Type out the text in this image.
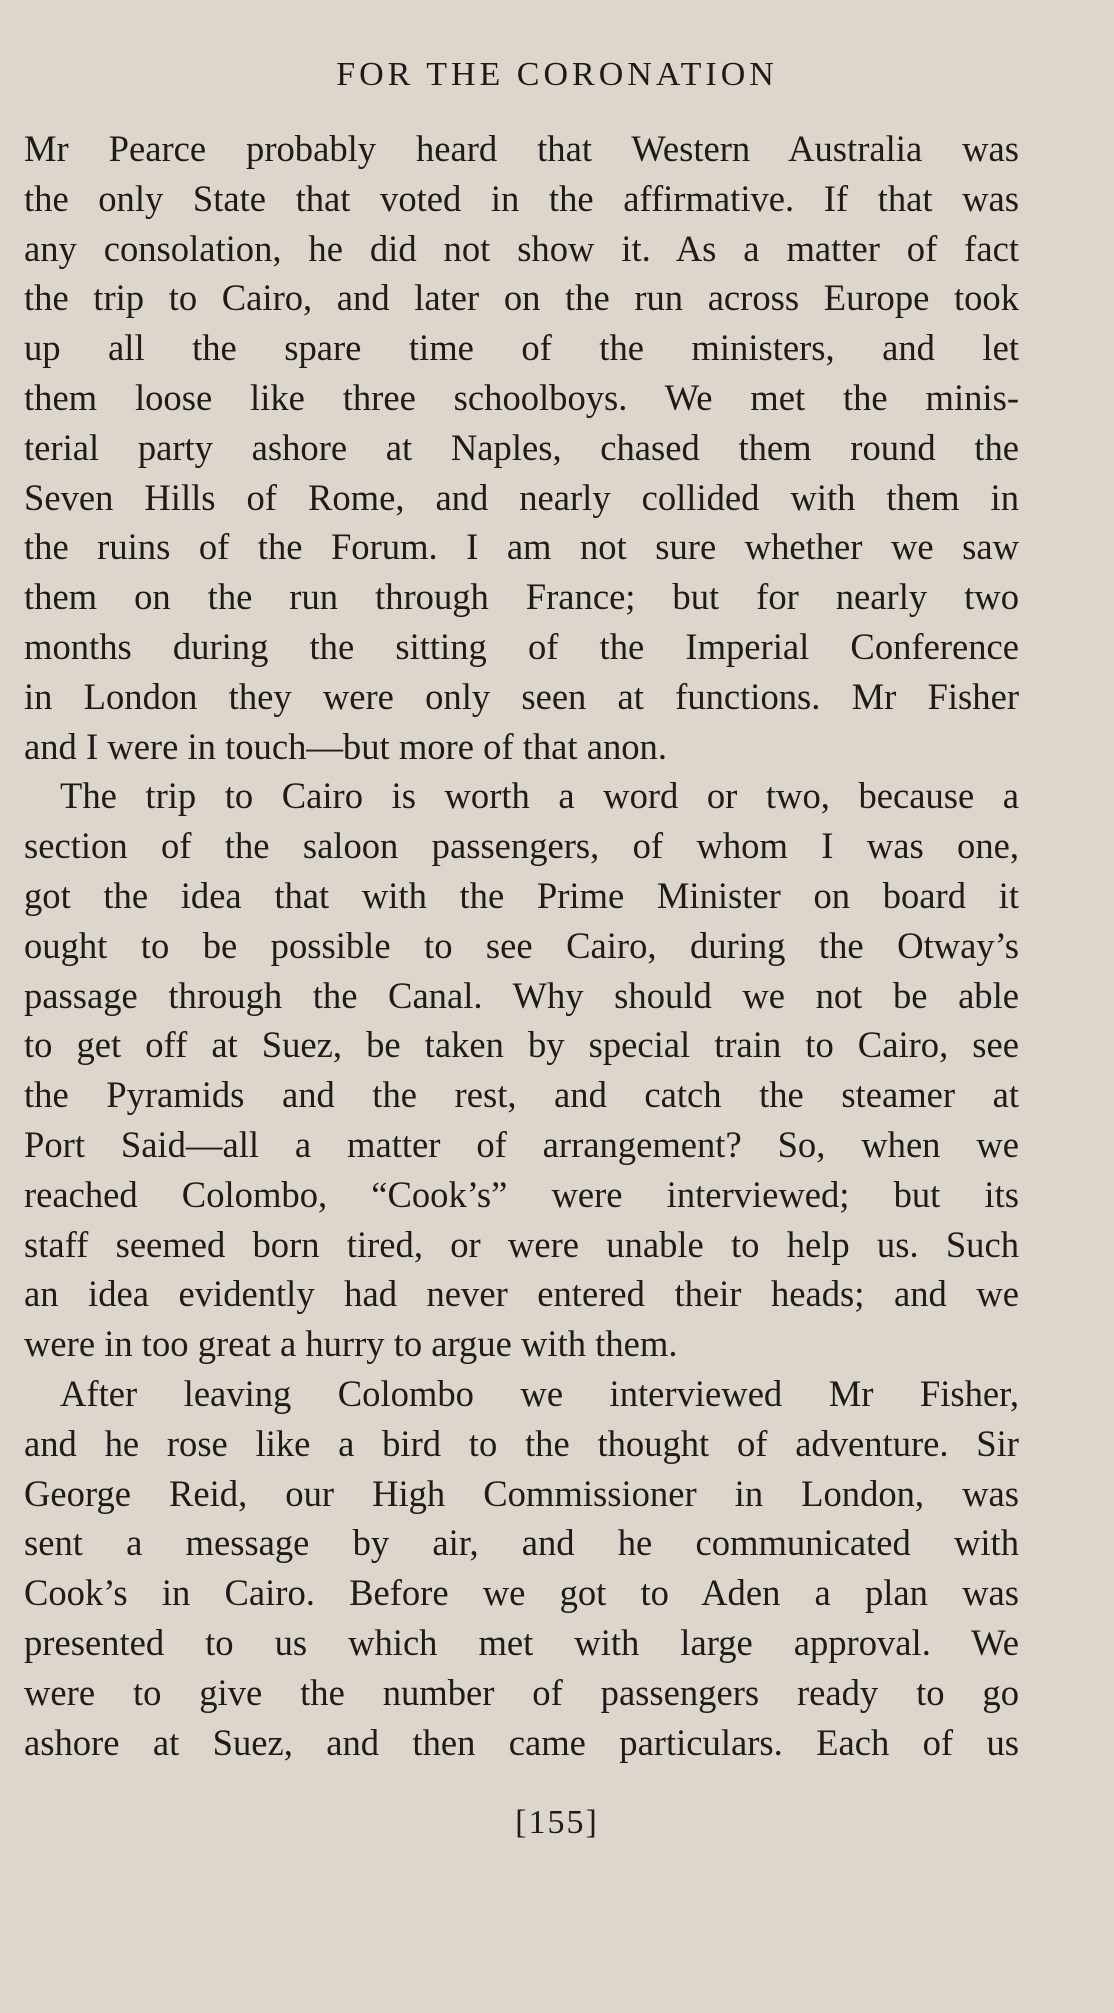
FOR THE CORONATION
Mr Pearce probably heard that Western Australia was
the only State that voted in the affirmative. If that was
any consolation, he did not show it. As a matter of fact
the trip to Cairo, and later on the run across Europe took
up all the spare time of the ministers, and let
them loose like three schoolboys. We met the minis-
terial party ashore at Naples, chased them round the
Seven Hills of Rome, and nearly collided with them in
the ruins of the Forum. I am not sure whether we saw
them on the run through France; but for nearly two
months during the sitting of the Imperial Conference
in London they were only seen at functions. Mr Fisher
and I were in touch—but more of that anon.
The trip to Cairo is worth a word or two, because a
section of the saloon passengers, of whom I was one,
got the idea that with the Prime Minister on board it
ought to be possible to see Cairo, during the Otway’s
passage through the Canal. Why should we not be able
to get off at Suez, be taken by special train to Cairo, see
the Pyramids and the rest, and catch the steamer at
Port Said—all a matter of arrangement? So, when we
reached Colombo, “Cook’s” were interviewed; but its
staff seemed born tired, or were unable to help us. Such
an idea evidently had never entered their heads; and we
were in too great a hurry to argue with them.
After leaving Colombo we interviewed Mr Fisher,
and he rose like a bird to the thought of adventure. Sir
George Reid, our High Commissioner in London, was
sent a message by air, and he communicated with
Cook’s in Cairo. Before we got to Aden a plan was
presented to us which met with large approval. We
were to give the number of passengers ready to go
ashore at Suez, and then came particulars. Each of us
[155]
